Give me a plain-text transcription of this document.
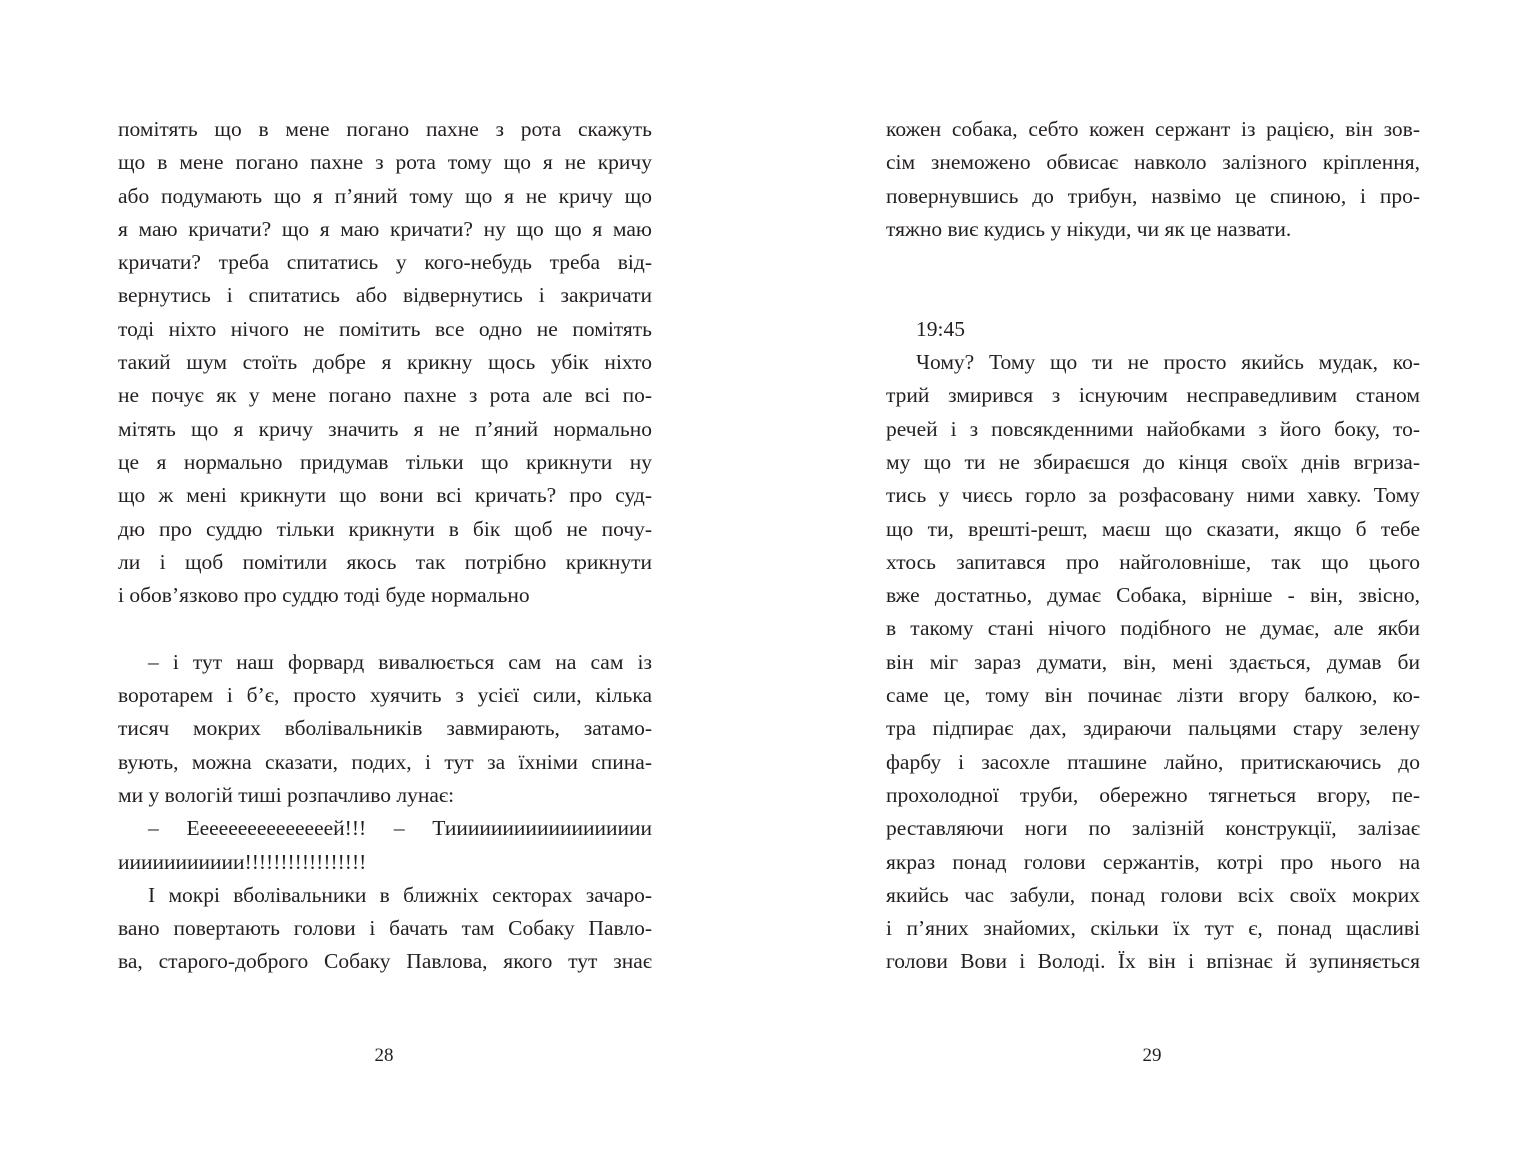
помітять що в мене погано пахне з рота скажуть
що в мене погано пахне з рота тому що я не кричу
або подумають що я п’яний тому що я не кричу що
я маю кричати? що я маю кричати? ну що що я маю
кричати? треба спитатись у кого-небудь треба від-
вернутись і спитатись або відвернутись і закричати
тоді ніхто нічого не помітить все одно не помітять
такий шум стоїть добре я крикну щось убік ніхто
не почує як у мене погано пахне з рота але всі по-
мітять що я кричу значить я не п’яний нормально
це я нормально придумав тільки що крикнути ну
що ж мені крикнути що вони всі кричать? про суд-
дю про суддю тільки крикнути в бік щоб не почу-
ли і щоб помітили якось так потрібно крикнути
і обов’язково про суддю тоді буде нормально
– і тут наш форвард вивалюється сам на сам із
воротарем і б’є, просто хуячить з усієї сили, кілька
тисяч мокрих вболівальників завмирають, затамо-
вують, можна сказати, подих, і тут за їхніми спина-
ми у вологій тиші розпачливо лунає:
– Ееееееееееееееей!!! – Тииииииииииииииииии
иииииииииии!!!!!!!!!!!!!!!!!
І мокрі вболівальники в ближніх секторах зачаро-
вано повертають голови і бачать там Собаку Павло-
ва, старого-доброго Собаку Павлова, якого тут знає
28
кожен собака, себто кожен сержант із рацією, він зов-
сім знеможено обвисає навколо залізного кріплення,
повернувшись до трибун, назвімо це спиною, і про-
тяжно виє кудись у нікуди, чи як це назвати.
19:45
Чому? Тому що ти не просто якийсь мудак, ко-
трий змирився з існуючим несправедливим станом
речей і з повсякденними найобками з його боку, то-
му що ти не збираєшся до кінця своїх днів вгриза-
тись у чиєсь горло за розфасовану ними хавку. Тому
що ти, врешті-решт, маєш що сказати, якщо б тебе
хтось запитався про найголовніше, так що цього
вже достатньо, думає Собака, вірніше - він, звісно,
в такому стані нічого подібного не думає, але якби
він міг зараз думати, він, мені здається, думав би
саме це, тому він починає лізти вгору балкою, ко-
тра підпирає дах, здираючи пальцями стару зелену
фарбу і засохле пташине лайно, притискаючись до
прохолодної труби, обережно тягнеться вгору, пе-
реставляючи ноги по залізній конструкції, залізає
якраз понад голови сержантів, котрі про нього на
якийсь час забули, понад голови всіх своїх мокрих
і п’яних знайомих, скільки їх тут є, понад щасливі
голови Вови і Володі. Їх він і впізнає й зупиняється
29
